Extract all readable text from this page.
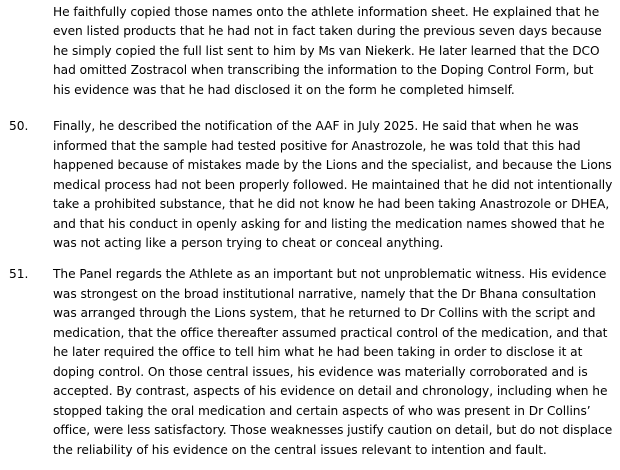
He faithfully copied those names onto the athlete information sheet. He explained that he
even listed products that he had not in fact taken during the previous seven days because
he simply copied the full list sent to him by Ms van Niekerk. He later learned that the DCO
had omitted Zostracol when transcribing the information to the Doping Control Form, but
his evidence was that he had disclosed it on the form he completed himself.
50. Finally, he described the notification of the AAF in July 2025. He said that when he was
informed that the sample had tested positive for Anastrozole, he was told that this had
happened because of mistakes made by the Lions and the specialist, and because the Lions
medical process had not been properly followed. He maintained that he did not intentionally
take a prohibited substance, that he did not know he had been taking Anastrozole or DHEA,
and that his conduct in openly asking for and listing the medication names showed that he
was not acting like a person trying to cheat or conceal anything.
51. The Panel regards the Athlete as an important but not unproblematic witness. His evidence
was strongest on the broad institutional narrative, namely that the Dr Bhana consultation
was arranged through the Lions system, that he returned to Dr Collins with the script and
medication, that the office thereafter assumed practical control of the medication, and that
he later required the office to tell him what he had been taking in order to disclose it at
doping control. On those central issues, his evidence was materially corroborated and is
accepted. By contrast, aspects of his evidence on detail and chronology, including when he
stopped taking the oral medication and certain aspects of who was present in Dr Collins’
office, were less satisfactory. Those weaknesses justify caution on detail, but do not displace
the reliability of his evidence on the central issues relevant to intention and fault.
